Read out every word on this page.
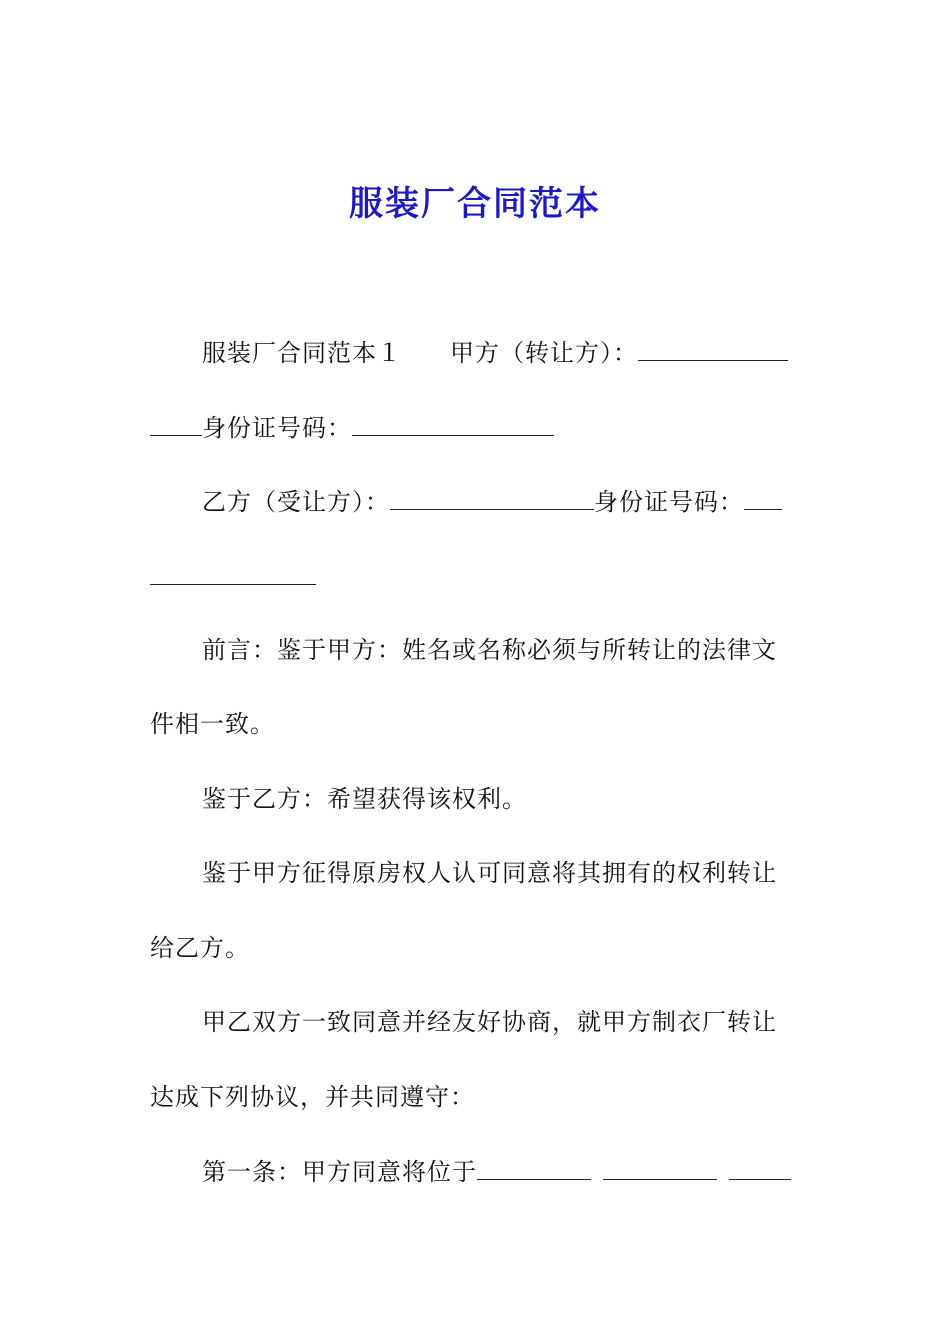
服装厂合同范本
服装厂合同范本１ 甲方（转让方）：
身份证号码：
乙方（受让方）：	身份证号码：
前言：鉴于甲方：姓名或名称必须与所转让的法律文
件相一致。
鉴于乙方：希望获得该权利。
鉴于甲方征得原房权人认可同意将其拥有的权利转让
给乙方。
甲乙双方一致同意并经友好协商，就甲方制衣厂转让
达成下列协议，并共同遵守：
第一条：甲方同意将位于
